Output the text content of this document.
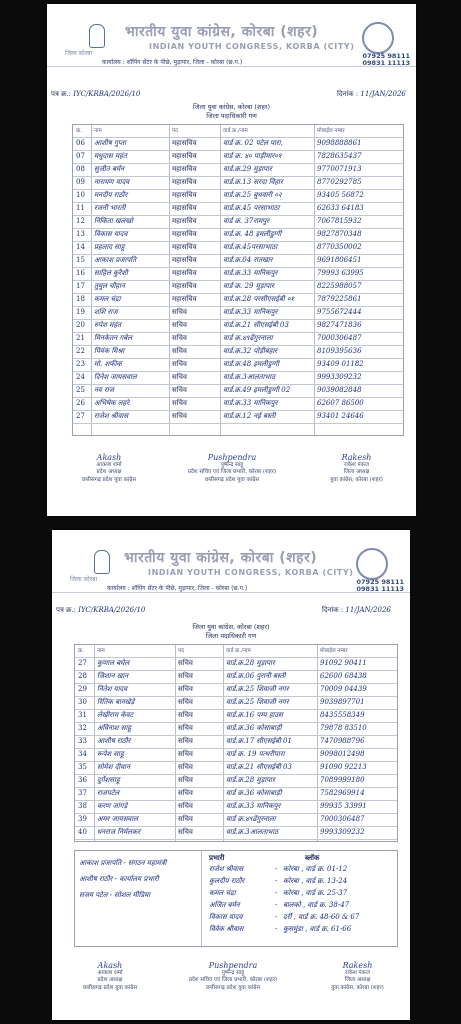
जिला कोरबा
भारतीय युवा कांग्रेस, कोरबा (शहर)
INDIAN YOUTH CONGRESS, KORBA (CITY)
07925 98111
09831 11113
कार्यालय : शॉपिंग सेंटर के पीछे, मुड़ापार, जिला - कोरबा (छ.ग.)
पत्र क्र.: IYC/KRBA/2026/10	दिनांक : 11/JAN/2026
जिला युवा कांग्रेस, कोरबा (शहर)
जिला पदाधिकारी गण
क्र. नाम	पद	वार्ड क्र./नाम	मोबाईल नम्बर
06 आशीष गुप्ता	महासचिव	वार्ड क्र. 02 पटेल पारा,	9098888861
07 मधुदास महंत	महासचिव	वार्ड क्र. ४० पाड़ीमार०१	7828635437
08 सुजीत बर्मन	महासचिव	वार्ड.क्र.29 मुड़ापार	9770071913
09 नारायण यादव	महासचिव	वार्ड.क्र.13 सरदा विहार	8770292785
10 मनदीप राठौर	महासचिव	वार्ड.क्र.25 बुधवारी ०२	93405 56872
11 रजनी भारती	महासचिव	वार्ड.क्र.45 परसाभाठा	62633 64183
12 निकिता खलखो	महासचिव	वार्ड क्र. 37रामपुर	7067815932
13 विकास यादव	महासचिव	वार्ड.क्र. 48 इमलीडुग्गी	9827870348
14 प्रहलाद साहू	महासचिव	वार्ड.क्र.45परसाभाठा	8770350002
15 आकाश प्रजापति	महासचिव	वार्ड.क्र.04 रातखार	9691806451
16 साहिल कुरैशी	महासचिव	वार्ड.क्र.33 मानिकपुर	79993 63995
17 तुमुल चौहान	महासचिव	वार्ड क्र. 29 मुड़ापार	8225988057
18 कमल चंद्रा	महासचिव	वार्ड.क्र.28 परसीएसईबी ०१	7879225861
19 शशि राज	सचिव	वार्ड.क्र.33 मानिकपुर	9755672444
20 रुपेश महंत	सचिव	वार्ड.क्र.21 सीएसईबी 03	9827471836
21 मिनकेतन गबेल	सचिव	वार्ड क्र.४९ढेंगुरनाला	7000306487
22 पियंक मिश्रा	सचिव	वार्ड.क्र.32 पोड़ीबहार	8109395636
23 मो. शफीक	सचिव	वार्ड.क्र.48 इमलीडुग्गी	93409 01182
24 दिनेश जायसवाल	सचिव	वार्ड.क्र.3आलताभाठ	9993309232
25 नव राज	सचिव	वार्ड.क्र.49 इमलीडुग्गी 02	9039082848
26 अभिषेक लहरे	सचिव	वार्ड.क्र.33 मानिकपुर	62607 86500
27 राजेश श्रीवास	सचिव	वार्ड.क्र.12 नई बस्ती	93401 24646
Akash
आकाश शर्मा
प्रदेश अध्यक्ष
छत्तीसगढ़ प्रदेश युवा कांग्रेस
Pushpendra
पुष्पेन्द्र साहू
प्रदेश सचिव एवं जिला प्रभारी, कोरबा (शहर)
छत्तीसगढ़ प्रदेश युवा कांग्रेस
Rakesh
राकेश पंकज
जिला अध्यक्ष
युवा कांग्रेस, कोरबा (शहर)
जिला कोरबा
भारतीय युवा कांग्रेस, कोरबा (शहर)
INDIAN YOUTH CONGRESS, KORBA (CITY)
07925 98111
09831 11113
कार्यालय : शॉपिंग सेंटर के पीछे, मुड़ापार, जिला - कोरबा (छ.ग.)
पत्र क्र.: IYC/KRBA/2026/10	दिनांक : 11/JAN/2026
जिला युवा कांग्रेस, कोरबा (शहर)
जिला पदाधिकारी गण
क्र. नाम	पद	वार्ड क्र./नाम	मोबाईल नम्बर
27 कुणाल बघेल	सचिव	वार्ड.क्र.28 मुड़ापार	91092 90411
28 जिशान खान	सचिव	वार्ड.क्र.06 पुरानी बस्ती	62600 68438
29 नितेश यादव	सचिव	वार्ड.क्र.25 शिवाजी नगर	70009 04439
30 रितिक बानखेड़े	सचिव	वार्ड.क्र.25 शिवाजी नगर	9039897701
31 लेखीराम केवट	सचिव	वार्ड.क्र.16 पम्प हाउस	8435558349
32 अविनाश साहू	सचिव	वार्ड.क्र.36 कोसाबाड़ी	79878 83510
33 आशीष राठौर	सचिव	वार्ड.क्र.17 सीएसईबी 01	7470988796
34 रूपेश साहू	सचिव	वार्ड क्र. 19 पत्थरीपारा	9098012498
35 सोमेश दीवान	सचिव	वार्ड.क्र.21 सीएसईबी 03	91090 92213
36 दुर्गेशसाहू	सचिव	वार्ड.क्र.28 मुड़ापार	7089999180
37 राजपटेल	सचिव	वार्ड क्र.36 कोसाबाड़ी	7582969914
38 करण जांगड़े	सचिव	वार्ड.क्र.33 मानिकपुर	99935 33991
39 अमर जायसवाल	सचिव	वार्ड क्र.४९ढेंगुरनाला	7000306487
40 धनराज निर्मलकर	सचिव	वार्ड.क्र.3आलताभाठ	9993309232
आकाश प्रजापति - संगठन महामंत्री
आशीष राठौर - कार्यालय प्रभारी
सजय पटेल - सोशल मीडिया
प्रभारी	ब्लॉक
राजेश श्रीवास	- कोरबा , वार्ड क्र. 01-12
कुलदीप राठौर	- कोरबा , वार्ड क्र. 13-24
कमल चंद्रा	- कोरबा , वार्ड क्र. 25-37
अजित बर्मन	- बालको , वार्ड क्र. 38-47
विकास यादव	- दर्री , वार्ड क्र. 48-60 & 67
विवेक श्रीवास	- कुसमुंडा , वार्ड क्र. 61-66
Akash
आकाश शर्मा
प्रदेश अध्यक्ष
छत्तीसगढ़ प्रदेश युवा कांग्रेस
Pushpendra
पुष्पेन्द्र साहू
प्रदेश सचिव एवं जिला प्रभारी, कोरबा (शहर)
छत्तीसगढ़ प्रदेश युवा कांग्रेस
Rakesh
राकेश पंकज
जिला अध्यक्ष
युवा कांग्रेस, कोरबा (शहर)
